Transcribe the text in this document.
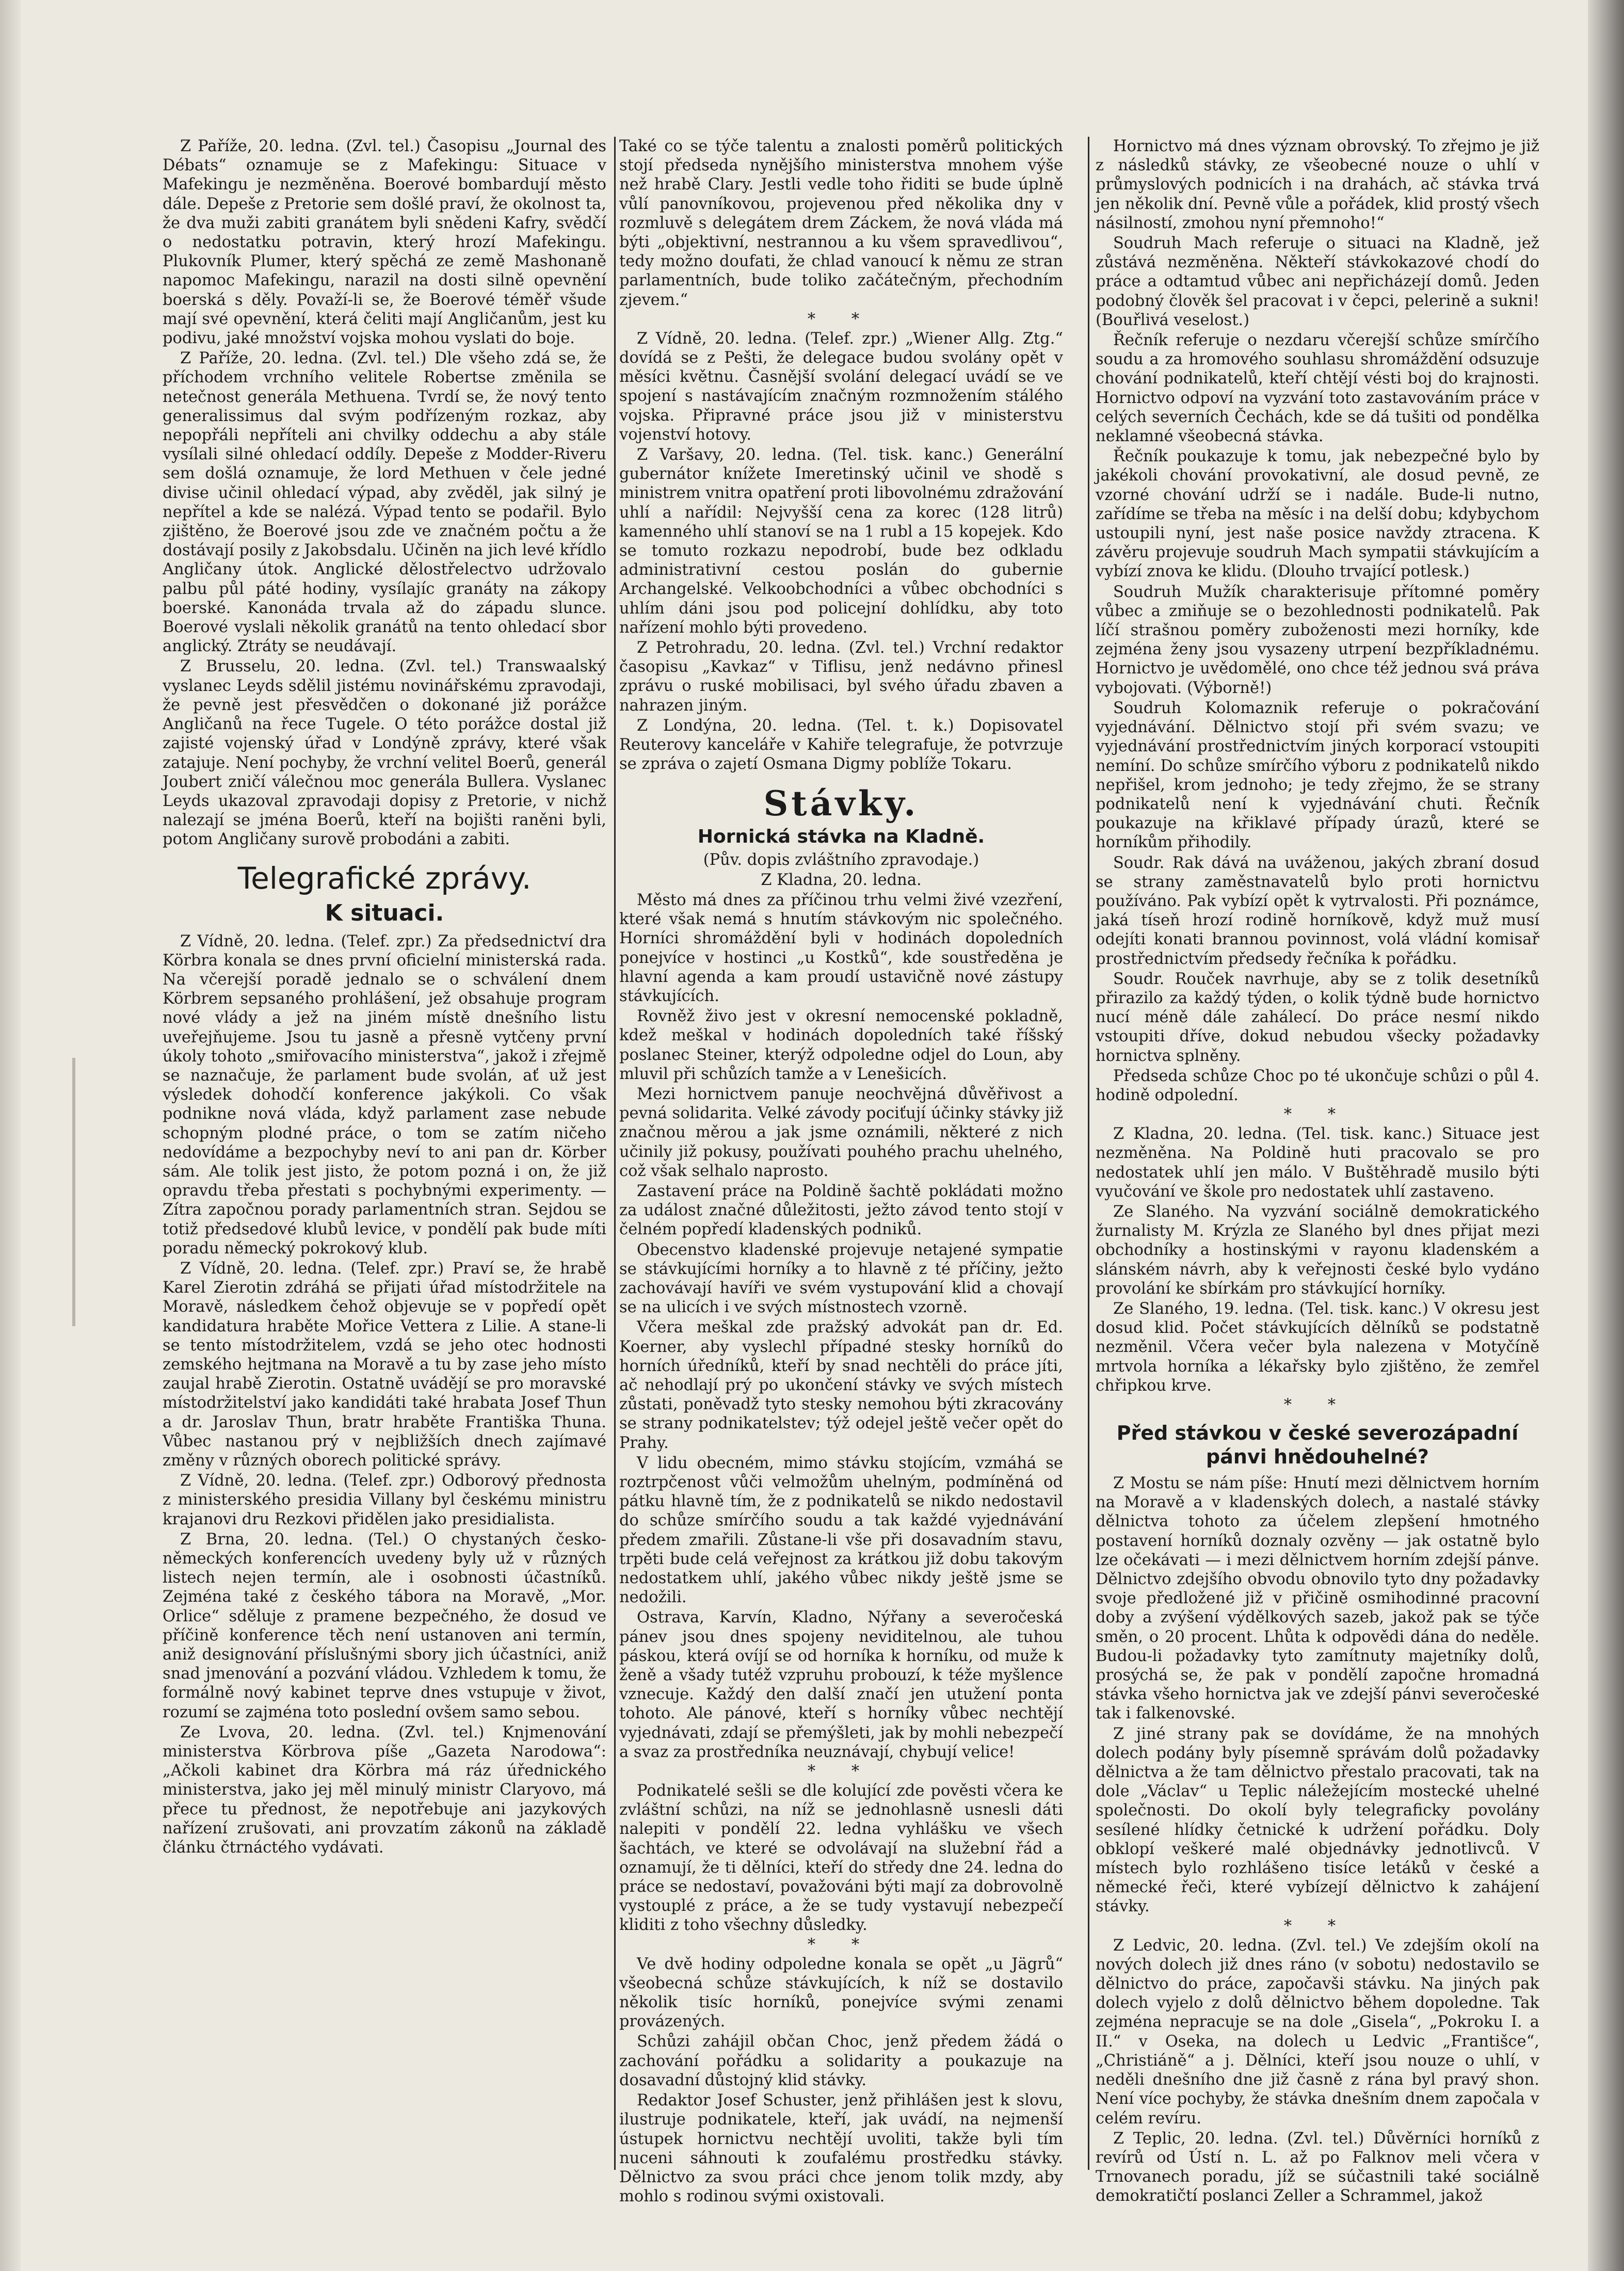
Z Paříže, 20. ledna. (Zvl. tel.) Časopisu „Journal des Débats“ oznamuje se z Mafekingu: Situace v Mafekingu je nezměněna. Boerové bombardují město dále. Depeše z Pretorie sem došlé praví, že okolnost ta, že dva muži zabiti granátem byli snědeni Kafry, svědčí o nedostatku potravin, který hrozí Mafekingu. Plukovník Plumer, který spěchá ze země Mashonaně napomoc Mafekingu, narazil na dosti silně opevnění boerská s děly. Považí-li se, že Boerové téměř všude mají své opevnění, která čeliti mají Angličanům, jest ku podivu, jaké množství vojska mohou vyslati do boje.

Z Paříže, 20. ledna. (Zvl. tel.) Dle všeho zdá se, že příchodem vrchního velitele Robertse změnila se netečnost generála Methuena. Tvrdí se, že nový tento generalissimus dal svým podřízeným rozkaz, aby nepopřáli nepříteli ani chvilky oddechu a aby stále vysílali silné ohledací oddíly. Depeše z Modder-Riveru sem došlá oznamuje, že lord Methuen v čele jedné divise učinil ohledací výpad, aby zvěděl, jak silný je nepřítel a kde se nalézá. Výpad tento se podařil. Bylo zjištěno, že Boerové jsou zde ve značném počtu a že dostávají posily z Jakobsdalu. Učiněn na jich levé křídlo Angličany útok. Anglické dělostřelectvo udržovalo palbu půl páté hodiny, vysílajíc granáty na zákopy boerské. Kanonáda trvala až do západu slunce. Boerové vyslali několik granátů na tento ohledací sbor anglický. Ztráty se neudávají.

Z Brusselu, 20. ledna. (Zvl. tel.) Transwaalský vyslanec Leyds sdělil jistému novinářskému zpravodaji, že pevně jest přesvědčen o dokonané již porážce Angličanů na řece Tugele. O této porážce dostal již zajisté vojenský úřad v Londýně zprávy, které však zatajuje. Není pochyby, že vrchní velitel Boerů, generál Joubert zničí válečnou moc generála Bullera. Vyslanec Leyds ukazoval zpravodaji dopisy z Pretorie, v nichž nalezají se jména Boerů, kteří na bojišti raněni byli, potom Angličany surově probodáni a zabiti.

Telegrafické zprávy.
K situaci.

Z Vídně, 20. ledna. (Telef. zpr.) Za předsednictví dra Körbra konala se dnes první oficielní ministerská rada. Na včerejší poradě jednalo se o schválení dnem Körbrem sepsaného prohlášení, jež obsahuje program nové vlády a jež na jiném místě dnešního listu uveřejňujeme. Jsou tu jasně a přesně vytčeny první úkoly tohoto „smiřovacího ministerstva“, jakož i zřejmě se naznačuje, že parlament bude svolán, ať už jest výsledek dohodčí konference jakýkoli. Co však podnikne nová vláda, když parlament zase nebude schopným plodné práce, o tom se zatím ničeho nedovídáme a bezpochyby neví to ani pan dr. Körber sám. Ale tolik jest jisto, že potom pozná i on, že již opravdu třeba přestati s pochybnými experimenty. — Zítra započnou porady parlamentních stran. Sejdou se totiž předsedové klubů levice, v pondělí pak bude míti poradu německý pokrokový klub.

Z Vídně, 20. ledna. (Telef. zpr.) Praví se, že hrabě Karel Zierotin zdráhá se přijati úřad místodržitele na Moravě, následkem čehož objevuje se v popředí opět kandidatura hraběte Mořice Vettera z Lilie. A stane-li se tento místodržitelem, vzdá se jeho otec hodnosti zemského hejtmana na Moravě a tu by zase jeho místo zaujal hrabě Zierotin. Ostatně uvádějí se pro moravské místodržitelství jako kandidáti také hrabata Josef Thun a dr. Jaroslav Thun, bratr hraběte Františka Thuna. Vůbec nastanou prý v nejbližších dnech zajímavé změny v různých oborech politické správy.

Z Vídně, 20. ledna. (Telef. zpr.) Odborový přednosta z ministerského presidia Villany byl českému ministru krajanovi dru Rezkovi přidělen jako presidialista.

Z Brna, 20. ledna. (Tel.) O chystaných česko-německých konferencích uvedeny byly už v různých listech nejen termín, ale i osobnosti účastníků. Zejména také z českého tábora na Moravě, „Mor. Orlice“ sděluje z pramene bezpečného, že dosud ve příčině konference těch není ustanoven ani termín, aniž designování příslušnými sbory jich účastníci, aniž snad jmenování a pozvání vládou. Vzhledem k tomu, že formálně nový kabinet teprve dnes vstupuje v život, rozumí se zajména toto poslední ovšem samo sebou.

Ze Lvova, 20. ledna. (Zvl. tel.) Knjmenování ministerstva Körbrova píše „Gazeta Narodowa“: „Ačkoli kabinet dra Körbra má ráz úřednického ministerstva, jako jej měl minulý ministr Claryovo, má přece tu přednost, že nepotřebuje ani jazykových nařízení zrušovati, ani provzatím zákonů na základě článku čtrnáctého vydávati.

Také co se týče talentu a znalosti poměrů politických stojí předseda nynějšího ministerstva mnohem výše než hrabě Clary. Jestli vedle toho řiditi se bude úplně vůlí panovníkovou, projevenou před několika dny v rozmluvě s delegátem drem Záckem, že nová vláda má býti „objektivní, nestrannou a ku všem spravedlivou“, tedy možno doufati, že chlad vanoucí k němu ze stran parlamentních, bude toliko začátečným, přechodním zjevem.“

* *

Z Vídně, 20. ledna. (Telef. zpr.) „Wiener Allg. Ztg.“ dovídá se z Pešti, že delegace budou svolány opět v měsíci květnu. Časnější svolání delegací uvádí se ve spojení s nastávajícím značným rozmnožením stálého vojska. Připravné práce jsou již v ministerstvu vojenství hotovy.

Z Varšavy, 20. ledna. (Tel. tisk. kanc.) Generální gubernátor knížete Imeretinský učinil ve shodě s ministrem vnitra opatření proti libovolnému zdražování uhlí a nařídil: Nejvyšší cena za korec (128 litrů) kamenného uhlí stanoví se na 1 rubl a 15 kopejek. Kdo se tomuto rozkazu nepodrobí, bude bez odkladu administrativní cestou poslán do gubernie Archangelské. Velkoobchodníci a vůbec obchodníci s uhlím dáni jsou pod policejní dohlídku, aby toto nařízení mohlo býti provedeno.

Z Petrohradu, 20. ledna. (Zvl. tel.) Vrchní redaktor časopisu „Kavkaz“ v Tiflisu, jenž nedávno přinesl zprávu o ruské mobilisaci, byl svého úřadu zbaven a nahrazen jiným.

Z Londýna, 20. ledna. (Tel. t. k.) Dopisovatel Reuterovy kanceláře v Kahiře telegrafuje, že potvrzuje se zpráva o zajetí Osmana Digmy poblíže Tokaru.

Stávky.
Hornická stávka na Kladně.

(Pův. dopis zvláštního zpravodaje.)

Z Kladna, 20. ledna.

Město má dnes za příčinou trhu velmi živé vzezření, které však nemá s hnutím stávkovým nic společného. Horníci shromáždění byli v hodinách dopoledních ponejvíce v hostinci „u Kostků“, kde soustředěna je hlavní agenda a kam proudí ustavičně nové zástupy stávkujících.

Rovněž živo jest v okresní nemocenské pokladně, kdež meškal v hodinách dopoledních také říšský poslanec Steiner, kterýž odpoledne odjel do Loun, aby mluvil při schůzích tamže a v Lenešicích.

Mezi hornictvem panuje neochvějná důvěřivost a pevná solidarita. Velké závody pociťují účinky stávky již značnou měrou a jak jsme oznámili, některé z nich učinily již pokusy, používati pouhého prachu uhelného, což však selhalo naprosto.

Zastavení práce na Poldině šachtě pokládati možno za událost značné důležitosti, ježto závod tento stojí v čelném popředí kladenských podniků.

Obecenstvo kladenské projevuje netajené sympatie se stávkujícími horníky a to hlavně z té příčiny, ježto zachovávají havíři ve svém vystupování klid a chovají se na ulicích i ve svých místnostech vzorně.

Včera meškal zde pražský advokát pan dr. Ed. Koerner, aby vyslechl případné stesky horníků do horních úředníků, kteří by snad nechtěli do práce jíti, ač nehodlají prý po ukončení stávky ve svých místech zůstati, poněvadž tyto stesky nemohou býti zkracovány se strany podnikatelstev; týž odejel ještě večer opět do Prahy.

V lidu obecném, mimo stávku stojícím, vzmáhá se roztrpčenost vůči velmožům uhelným, podmíněná od pátku hlavně tím, že z podnikatelů se nikdo nedostavil do schůze smírčího soudu a tak každé vyjednávání předem zmařili. Zůstane-li vše při dosavadním stavu, trpěti bude celá veřejnost za krátkou již dobu takovým nedostatkem uhlí, jakého vůbec nikdy ještě jsme se nedožili.

Ostrava, Karvín, Kladno, Nýřany a severočeská pánev jsou dnes spojeny neviditelnou, ale tuhou páskou, která ovíjí se od horníka k horníku, od muže k ženě a všady tutéž vzpruhu probouzí, k téže myšlence vznecuje. Každý den další značí jen utužení ponta tohoto. Ale pánové, kteří s horníky vůbec nechtějí vyjednávati, zdají se přemýšleti, jak by mohli nebezpečí a svaz za prostředníka neuznávají, chybují velice!

* *

Podnikatelé sešli se dle kolující zde pověsti včera ke zvláštní schůzi, na níž se jednohlasně usnesli dáti nalepiti v pondělí 22. ledna vyhlášku ve všech šachtách, ve které se odvolávají na služební řád a oznamují, že ti dělníci, kteří do středy dne 24. ledna do práce se nedostaví, považováni býti mají za dobrovolně vystouplé z práce, a že se tudy vystavují nebezpečí kliditi z toho všechny důsledky.

* *

Ve dvě hodiny odpoledne konala se opět „u Jägrů“ všeobecná schůze stávkujících, k níž se dostavilo několik tisíc horníků, ponejvíce svými zenami provázených.

Schůzi zahájil občan Choc, jenž předem žádá o zachování pořádku a solidarity a poukazuje na dosavadní důstojný klid stávky.

Redaktor Josef Schuster, jenž přihlášen jest k slovu, ilustruje podnikatele, kteří, jak uvádí, na nejmenší ústupek hornictvu nechtějí uvoliti, takže byli tím nuceni sáhnouti k zoufalému prostředku stávky. Dělnictvo za svou práci chce jenom tolik mzdy, aby mohlo s rodinou svými oxistovali.

Hornictvo má dnes význam obrovský. To zřejmo je již z následků stávky, ze všeobecné nouze o uhlí v průmyslových podnicích i na drahách, ač stávka trvá jen několik dní. Pevně vůle a pořádek, klid prostý všech násilností, zmohou nyní přemnoho!“

Soudruh Mach referuje o situaci na Kladně, jež zůstává nezměněna. Někteří stávkokazové chodí do práce a odtamtud vůbec ani nepřicházejí domů. Jeden podobný člověk šel pracovat i v čepci, pelerině a sukni! (Bouřlivá veselost.)

Řečník referuje o nezdaru včerejší schůze smírčího soudu a za hromového souhlasu shromáždění odsuzuje chování podnikatelů, kteří chtějí vésti boj do krajnosti. Hornictvo odpoví na vyzvání toto zastavováním práce v celých severních Čechách, kde se dá tušiti od pondělka neklamné všeobecná stávka.

Řečník poukazuje k tomu, jak nebezpečné bylo by jakékoli chování provokativní, ale dosud pevně, ze vzorné chování udrží se i nadále. Bude-li nutno, zařídíme se třeba na měsíc i na delší dobu; kdybychom ustoupili nyní, jest naše posice navždy ztracena. K závěru projevuje soudruh Mach sympatii stávkujícím a vybízí znova ke klidu. (Dlouho trvající potlesk.)

Soudruh Mužík charakterisuje přítomné poměry vůbec a zmiňuje se o bezohlednosti podnikatelů. Pak líčí strašnou poměry zuboženosti mezi horníky, kde zejména ženy jsou vysazeny utrpení bezpříkladnému. Hornictvo je uvědomělé, ono chce též jednou svá práva vybojovati. (Výborně!)

Soudruh Kolomaznik referuje o pokračování vyjednávání. Dělnictvo stojí při svém svazu; ve vyjednávání prostřednictvím jiných korporací vstoupiti nemíní. Do schůze smírčího výboru z podnikatelů nikdo nepřišel, krom jednoho; je tedy zřejmo, že se strany podnikatelů není k vyjednávání chuti. Řečník poukazuje na křiklavé případy úrazů, které se horníkům přihodily.

Soudr. Rak dává na uváženou, jakých zbraní dosud se strany zaměstnavatelů bylo proti hornictvu používáno. Pak vybízí opět k vytrvalosti. Při poznámce, jaká tíseň hrozí rodině horníkově, když muž musí odejíti konati brannou povinnost, volá vládní komisař prostřednictvím předsedy řečníka k pořádku.

Soudr. Rouček navrhuje, aby se z tolik desetníků přirazilo za každý týden, o kolik týdně bude hornictvo nucí méně dále zahálecí. Do práce nesmí nikdo vstoupiti dříve, dokud nebudou všecky požadavky hornictva splněny.

Předseda schůze Choc po té ukončuje schůzi o půl 4. hodině odpolední.

* *

Z Kladna, 20. ledna. (Tel. tisk. kanc.) Situace jest nezměněna. Na Poldině huti pracovalo se pro nedostatek uhlí jen málo. V Buštěhradě musilo býti vyučování ve škole pro nedostatek uhlí zastaveno.

Ze Slaného. Na vyzvání sociálně demokratického žurnalisty M. Krýzla ze Slaného byl dnes přijat mezi obchodníky a hostinskými v rayonu kladenském a slánském návrh, aby k veřejnosti české bylo vydáno provolání ke sbírkám pro stávkující horníky.

Ze Slaného, 19. ledna. (Tel. tisk. kanc.) V okresu jest dosud klid. Počet stávkujících dělníků se podstatně nezměnil. Včera večer byla nalezena v Motyčíně mrtvola horníka a lékařsky bylo zjištěno, že zemřel chřipkou krve.

* *
Před stávkou v české severozápadní pánvi hnědouhelné?

Z Mostu se nám píše: Hnutí mezi dělnictvem horním na Moravě a v kladenských dolech, a nastalé stávky dělnictva tohoto za účelem zlepšení hmotného postavení horníků doznaly ozvěny — jak ostatně bylo lze očekávati — i mezi dělnictvem horním zdejší pánve. Dělnictvo zdejšího obvodu obnovilo tyto dny požadavky svoje předložené již v přičině osmihodinné pracovní doby a zvýšení výdělkových sazeb, jakož pak se týče směn, o 20 procent. Lhůta k odpovědi dána do neděle. Budou-li požadavky tyto zamítnuty majetníky dolů, prosýchá se, že pak v pondělí započne hromadná stávka všeho hornictva jak ve zdejší pánvi severočeské tak i falkenovské.

Z jiné strany pak se dovídáme, že na mnohých dolech podány byly písemně správám dolů požadavky dělnictva a že tam dělnictvo přestalo pracovati, tak na dole „Václav“ u Teplic náležejícím mostecké uhelné společnosti. Do okolí byly telegraficky povolány sesílené hlídky četnické k udržení pořádku. Doly obklopí veškeré malé objednávky jednotlivců. V místech bylo rozhlášeno tisíce letáků v české a německé řeči, které vybízejí dělnictvo k zahájení stávky.

* *

Z Ledvic, 20. ledna. (Zvl. tel.) Ve zdejším okolí na nových dolech již dnes ráno (v sobotu) nedostavilo se dělnictvo do práce, započavši stávku. Na jiných pak dolech vyjelo z dolů dělnictvo během dopoledne. Tak zejména nepracuje se na dole „Gisela“, „Pokroku I. a II.“ v Oseka, na dolech u Ledvic „Františce“, „Christiáně“ a j. Dělníci, kteří jsou nouze o uhlí, v neděli dnešního dne již časně z rána byl pravý shon. Není více pochyby, že stávka dnešním dnem započala v celém revíru.

Z Teplic, 20. ledna. (Zvl. tel.) Důvěrníci horníků z revírů od Ústí n. L. až po Falknov meli včera v Trnovanech poradu, jíž se súčastnili také sociálně demokratičtí poslanci Zeller a Schrammel, jakož
